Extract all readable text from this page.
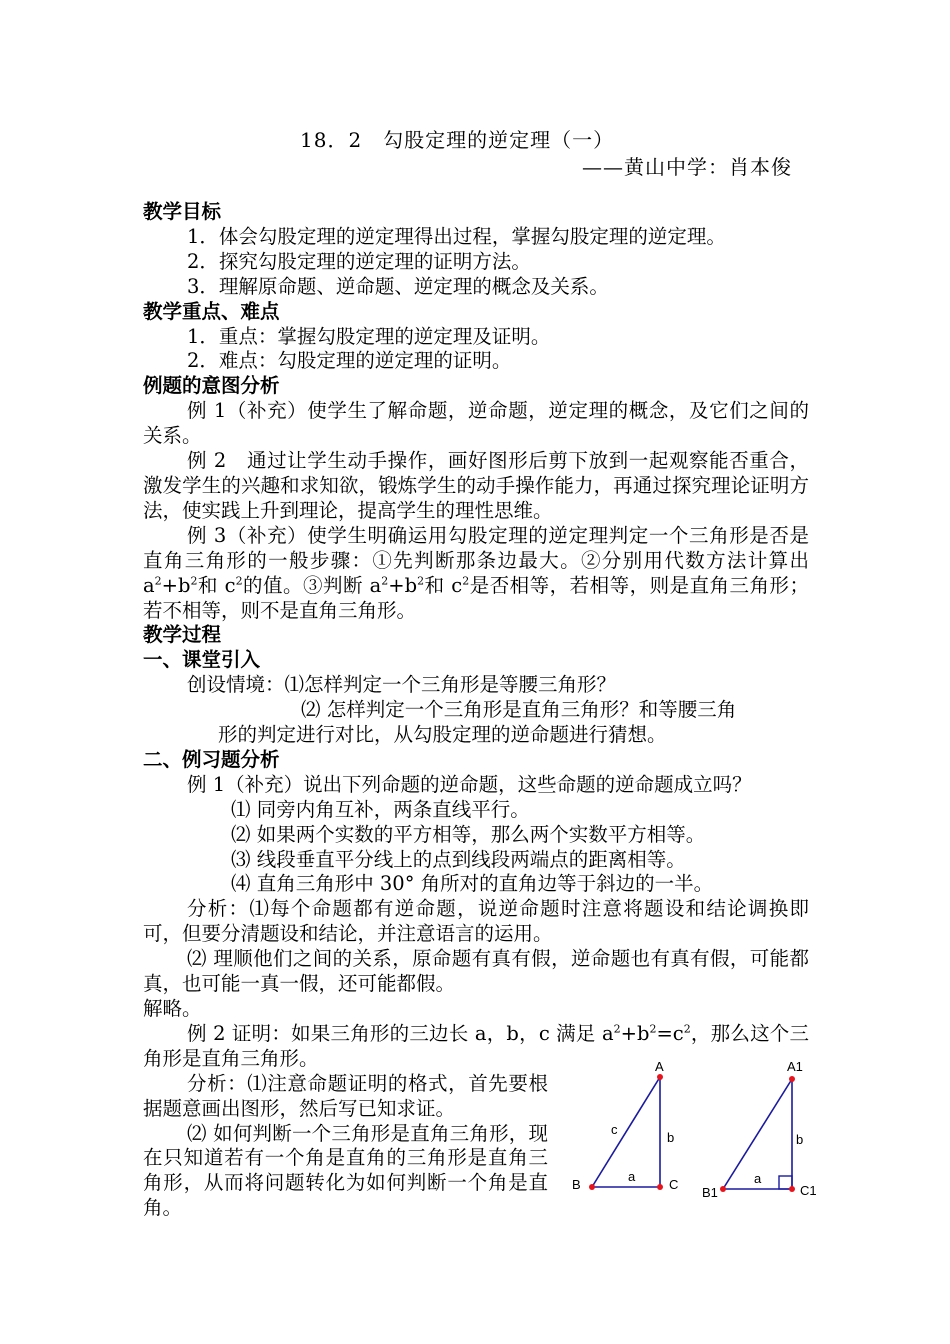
18．2　勾股定理的逆定理（一）
——黄山中学：肖本俊
教学目标
1．体会勾股定理的逆定理得出过程，掌握勾股定理的逆定理。
2．探究勾股定理的逆定理的证明方法。
3．理解原命题、逆命题、逆定理的概念及关系。
教学重点、难点
1．重点：掌握勾股定理的逆定理及证明。
2．难点：勾股定理的逆定理的证明。
例题的意图分析
例 1（补充）使学生了解命题，逆命题，逆定理的概念，及它们之间的关系。
例 2　通过让学生动手操作，画好图形后剪下放到一起观察能否重合，激发学生的兴趣和求知欲，锻炼学生的动手操作能力，再通过探究理论证明方法，使实践上升到理论，提高学生的理性思维。
例 3（补充）使学生明确运用勾股定理的逆定理判定一个三角形是否是直角三角形的一般步骤：①先判断那条边最大。②分别用代数方法计算出 $a^2+b^2$和 $c^2$的值。③判断 $a^2+b^2$和 $c^2$是否相等，若相等，则是直角三角形；若不相等，则不是直角三角形。
教学过程
一、课堂引入
创设情境：⑴怎样判定一个三角形是等腰三角形？
⑵ 怎样判定一个三角形是直角三角形？和等腰三角
形的判定进行对比，从勾股定理的逆命题进行猜想。
二、例习题分析
例 1（补充）说出下列命题的逆命题，这些命题的逆命题成立吗？
⑴ 同旁内角互补，两条直线平行。
⑵ 如果两个实数的平方相等，那么两个实数平方相等。
⑶ 线段垂直平分线上的点到线段两端点的距离相等。
⑷ 直角三角形中 30° 角所对的直角边等于斜边的一半。
分析：⑴每个命题都有逆命题，说逆命题时注意将题设和结论调换即可，但要分清题设和结论，并注意语言的运用。
⑵ 理顺他们之间的关系，原命题有真有假，逆命题也有真有假，可能都真，也可能一真一假，还可能都假。
解略。
例 2 证明：如果三角形的三边长 a，b，c 满足 $a^2+b^2=c^2$，那么这个三角形是直角三角形。
分析：⑴注意命题证明的格式，首先要根据题意画出图形，然后写已知求证。
⑵ 如何判断一个三角形是直角三角形，现在只知道若有一个角是直角的三角形是直角三角形，从而将问题转化为如何判断一个角是直角。
A
B	C
c
b
a
A1
B1	C1
b
a
